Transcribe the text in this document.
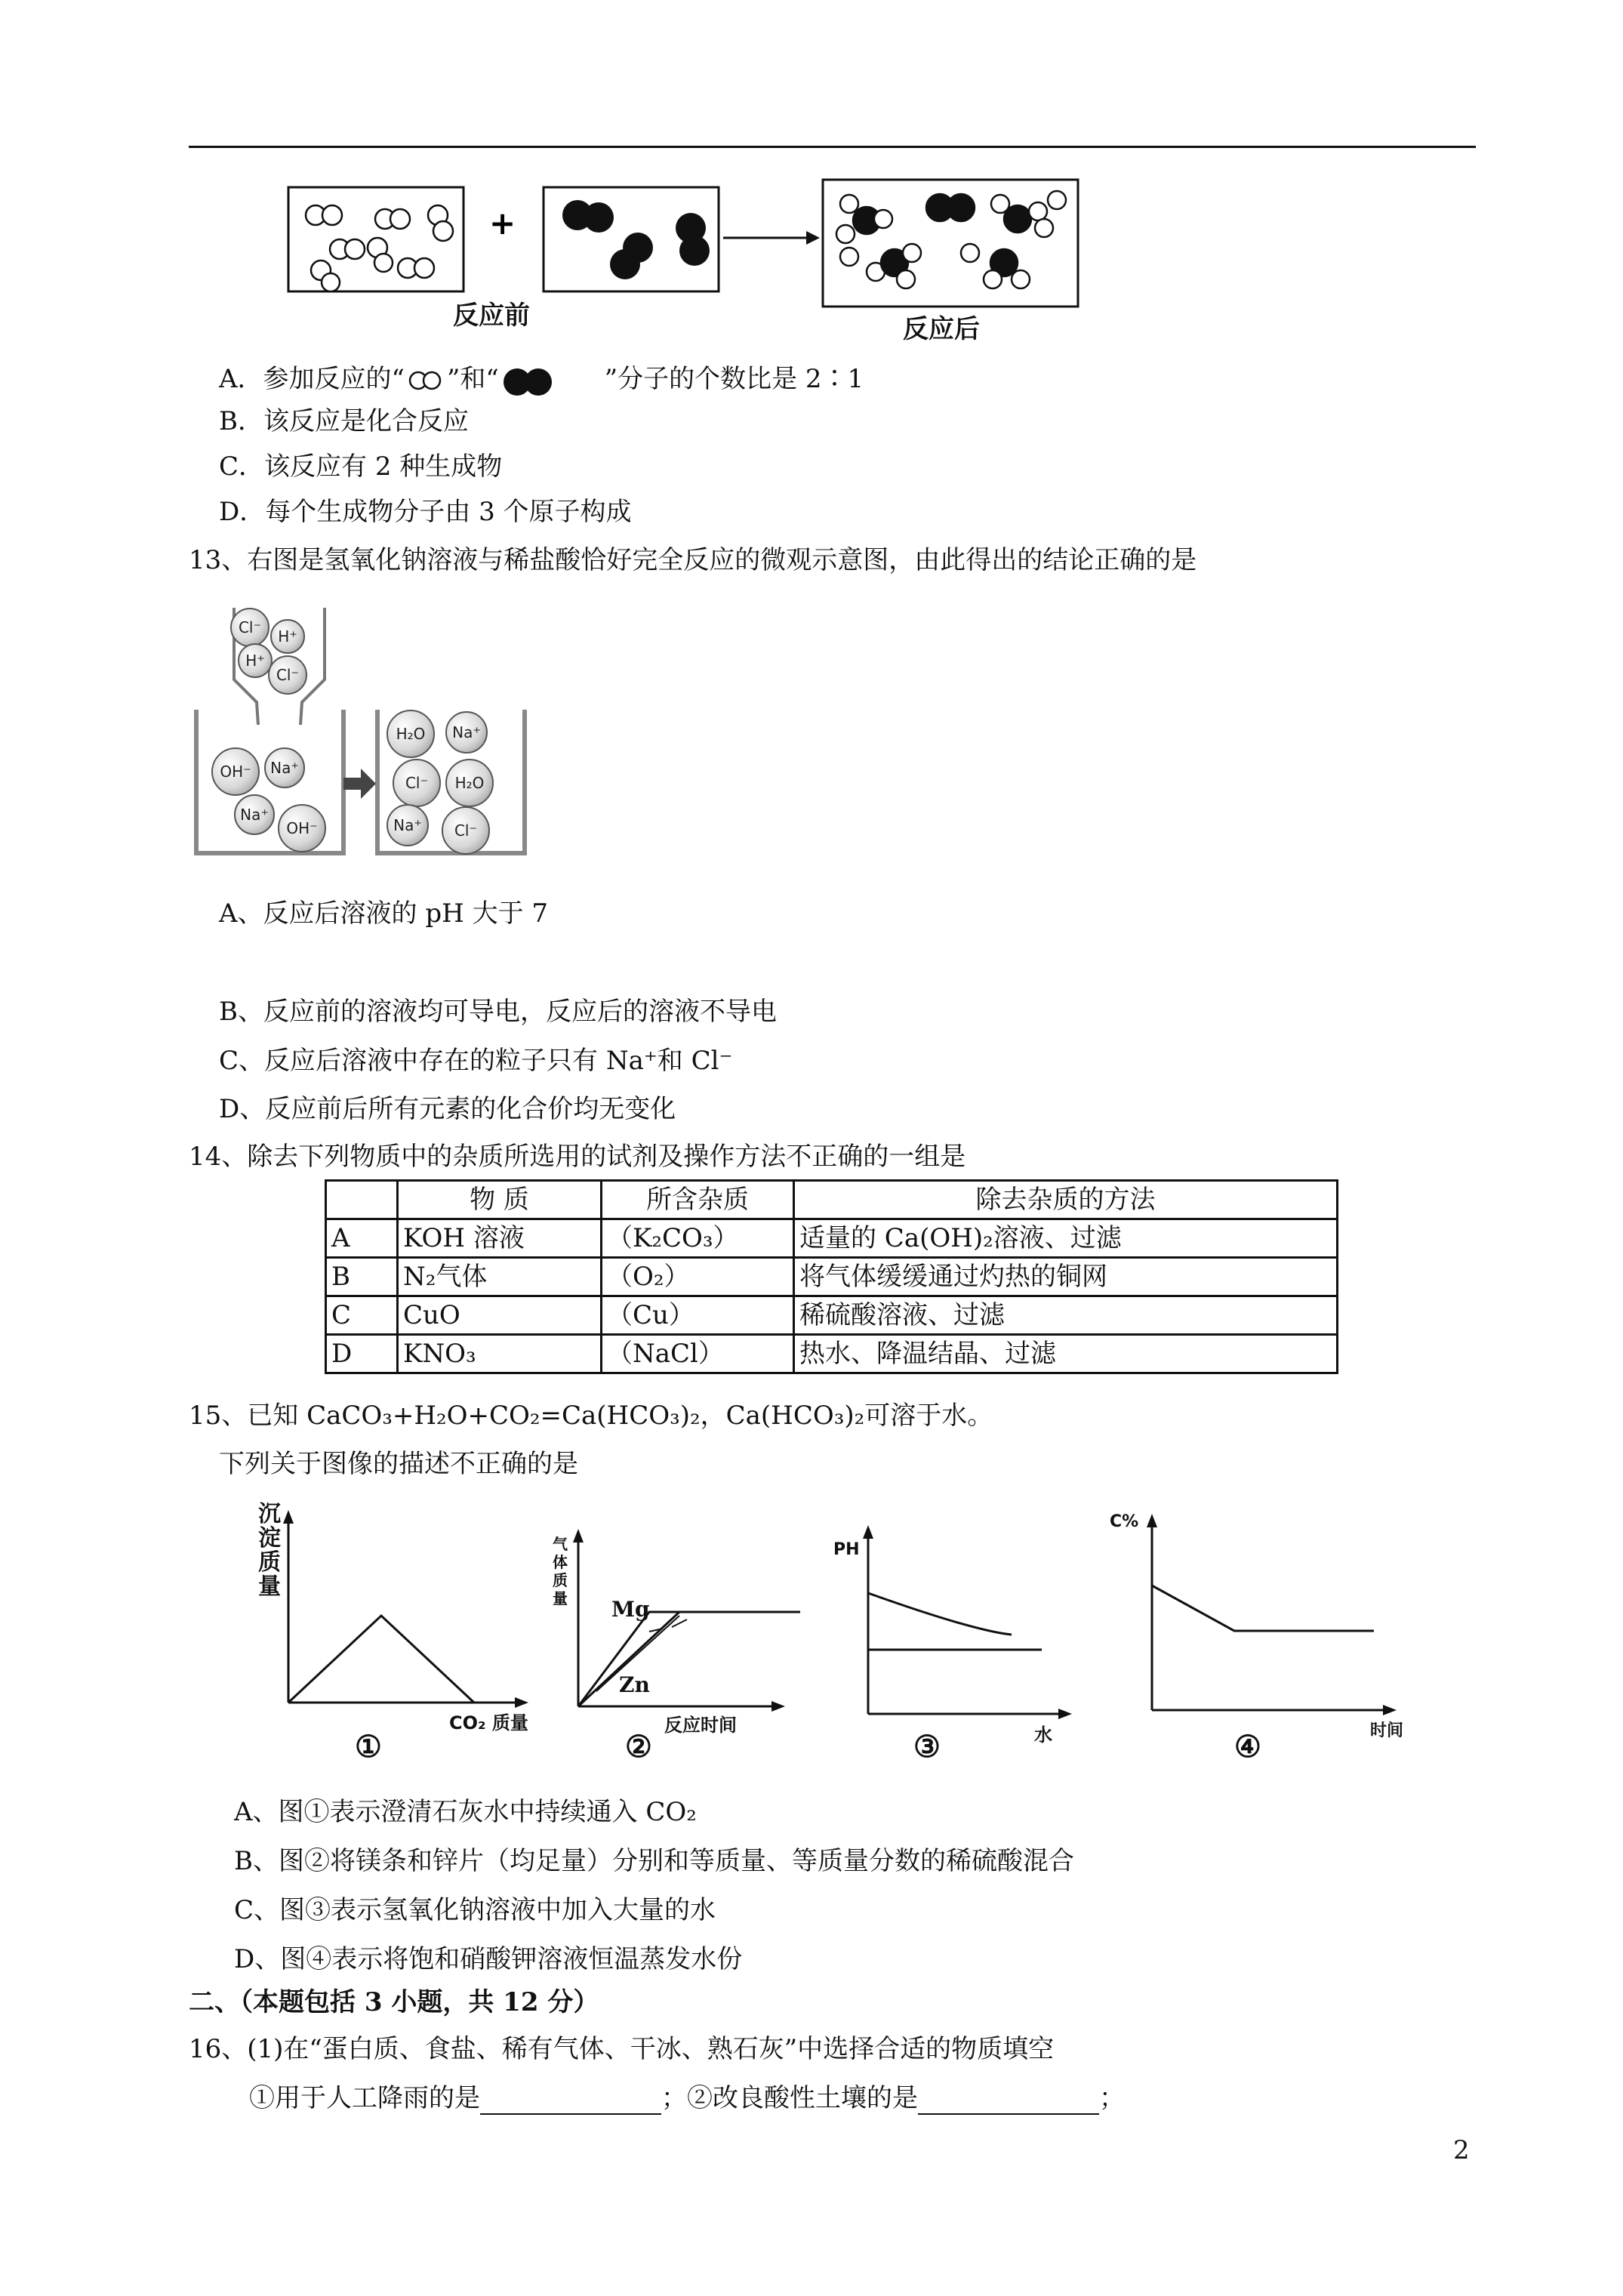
+
反应前	反应后
A．参加反应的“ ”和“	”分子的个数比是 2∶1
B．该反应是化合反应
C．该反应有 2 种生成物
D．每个生成物分子由 3 个原子构成
13、右图是氢氧化钠溶液与稀盐酸恰好完全反应的微观示意图，由此得出的结论正确的是
Cl⁻	H⁺
H⁺
Cl⁻
OH⁻	Na⁺
Na⁺
OH⁻
H₂O	Na⁺
Cl⁻	H₂O
Na⁺	Cl⁻
A、反应后溶液的 pH 大于 7
B、反应前的溶液均可导电，反应后的溶液不导电
C、反应后溶液中存在的粒子只有 Na⁺和 Cl⁻
D、反应前后所有元素的化合价均无变化
14、除去下列物质中的杂质所选用的试剂及操作方法不正确的一组是
	物 质	所含杂质	除去杂质的方法
A	KOH 溶液	（K₂CO₃）	适量的 Ca(OH)₂溶液、过滤
B	N₂气体	（O₂）	将气体缓缓通过灼热的铜网
C	CuO	（Cu）	稀硫酸溶液、过滤
D	KNO₃	（NaCl）	热水、降温结晶、过滤
15、已知 CaCO₃+H₂O+CO₂=Ca(HCO₃)₂，Ca(HCO₃)₂可溶于水。
下列关于图像的描述不正确的是
沉淀质量
CO₂ 质量
①
气体质量 Mg
Zn
反应时间
②
PH
水
③
C%
时间
④
A、图①表示澄清石灰水中持续通入 CO₂
B、图②将镁条和锌片（均足量）分别和等质量、等质量分数的稀硫酸混合
C、图③表示氢氧化钠溶液中加入大量的水
D、图④表示将饱和硝酸钾溶液恒温蒸发水份
二、（本题包括 3 小题，共 12 分）
16、(1)在“蛋白质、食盐、稀有气体、干冰、熟石灰”中选择合适的物质填空
①用于人工降雨的是	；②改良酸性土壤的是	；
2
